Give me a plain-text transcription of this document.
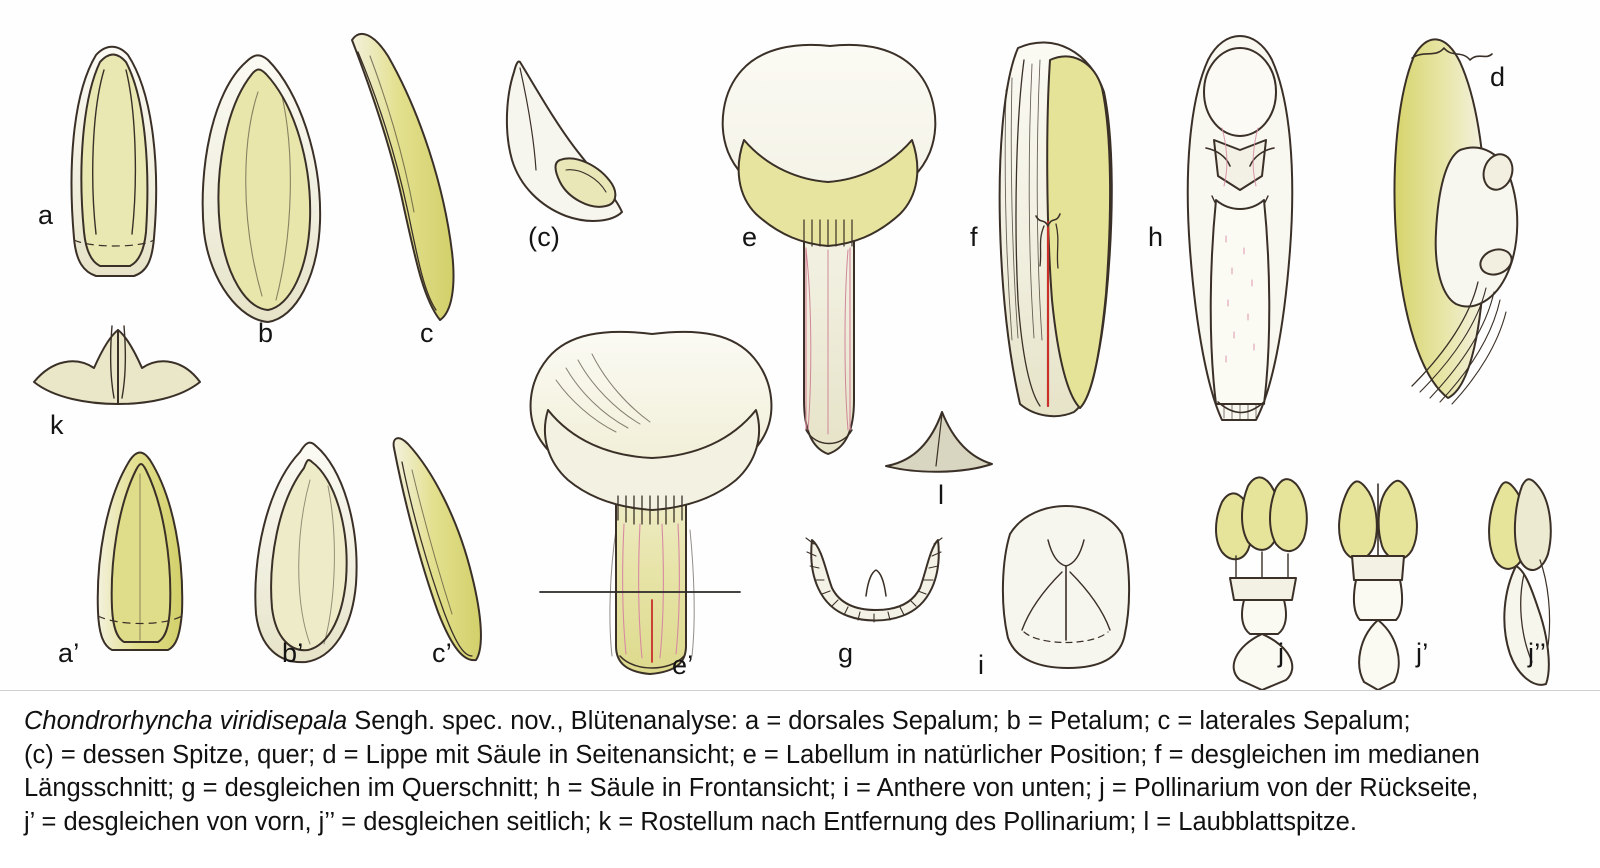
a
b	c
(c)	e	f	h
d
k
a’	b’	c’	e’	g	i
l
j	j’	j’’

Chondrorhyncha viridisepala Sengh. spec. nov., Blütenanalyse: a = dorsales Sepalum; b = Petalum; c = laterales Sepalum;

(c) = dessen Spitze, quer; d = Lippe mit Säule in Seitenansicht; e = Labellum in natürlicher Position; f = desgleichen im medianen

Längsschnitt; g = desgleichen im Querschnitt; h = Säule in Frontansicht; i = Anthere von unten; j = Pollinarium von der Rückseite,

j’ = desgleichen von vorn, j’’ = desgleichen seitlich; k = Rostellum nach Entfernung des Pollinarium; l = Laubblattspitze.
